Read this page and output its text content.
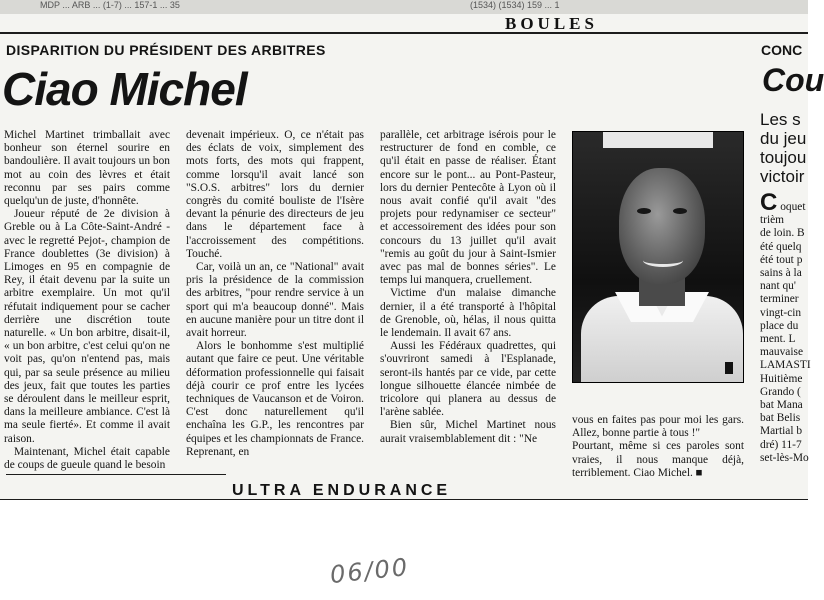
MDP ... ARB ... (1-7) ... 157-1 ... 35	(1534) (1534) 159 ... 1
BOULES
DISPARITION DU PRÉSIDENT DES ARBITRES	CONC
Ciao Michel	Cou

Michel Martinet trimballait avec bonheur son éternel sourire en bandoulière. Il avait toujours un bon mot au coin des lèvres et était reconnu par ses pairs comme quelqu'un de juste, d'honnête.

Joueur réputé de 2e division à Greble ou à La Côte-Saint-André - avec le regretté Pejot-, champion de France doublettes (3e division) à Limoges en 95 en compagnie de Rey, il était devenu par la suite un arbitre exemplaire. Un mot qu'il réfutait indiquement pour se cacher derrière une discrétion toute naturelle. « Un bon arbitre, disait-il, « un bon arbitre, c'est celui qu'on ne voit pas, qu'on n'entend pas, mais qui, par sa seule présence au milieu des jeux, fait que toutes les parties se déroulent dans le meilleur esprit, dans la meilleure ambiance. C'est là ma seule fierté». Et comme il avait raison.

Maintenant, Michel était capable de coups de gueule quand le besoin

devenait impérieux. O, ce n'était pas des éclats de voix, simplement des mots forts, des mots qui frappent, comme lorsqu'il avait lancé son "S.O.S. arbitres" lors du dernier congrès du comité bouliste de l'Isère devant la pénurie des directeurs de jeu dans le département face à l'accroissement des compétitions. Touché.

Car, voilà un an, ce "National" avait pris la présidence de la commission des arbitres, "pour rendre service à un sport qui m'a beaucoup donné". Mais en aucune manière pour un titre dont il avait horreur.

Alors le bonhomme s'est multiplié autant que faire ce peut. Une véritable déformation professionnelle qui faisait déjà courir ce prof entre les lycées techniques de Vaucanson et de Voiron. C'est donc naturellement qu'il enchaîna les G.P., les rencontres par équipes et les championnats de France. Reprenant, en

parallèle, cet arbitrage isérois pour le restructurer de fond en comble, ce qu'il était en passe de réaliser. Étant encore sur le pont... au Pont-Pasteur, lors du dernier Pentecôte à Lyon où il nous avait confié qu'il avait "des projets pour redynamiser ce secteur" et accessoirement des idées pour son concours du 13 juillet qu'il avait "remis au goût du jour à Saint-Ismier avec pas mal de bonnes séries". Le temps lui manquera, cruellement.

Victime d'un malaise dimanche dernier, il a été transporté à l'hôpital de Grenoble, où, hélas, il nous quitta le lendemain. Il avait 67 ans.

Aussi les Fédéraux quadrettes, qui s'ouvriront samedi à l'Esplanade, seront-ils hantés par ce vide, par cette longue silhouette élancée nimbée de tricolore qui planera au dessus de l'arène sablée.

Bien sûr, Michel Martinet nous aurait vraisemblablement dit : "Ne

vous en faites pas pour moi les gars. Allez, bonne partie à tous !"

Pourtant, même si ces paroles sont vraies, il nous manque déjà, terriblement. Ciao Michel. ■

Les s
du jeu
toujou
victoir
C oquet
trièm
de loin. B
été quelq
été tout p
sains à la
nant qu'
terminer
vingt-cin
place du
ment. L
mauvaise
LAMASTI
Huitième
Grando (
bat Mana
bat Belis
Martial b
dré) 11-7
set-lès-Mo
ULTRA ENDURANCE
06/00
